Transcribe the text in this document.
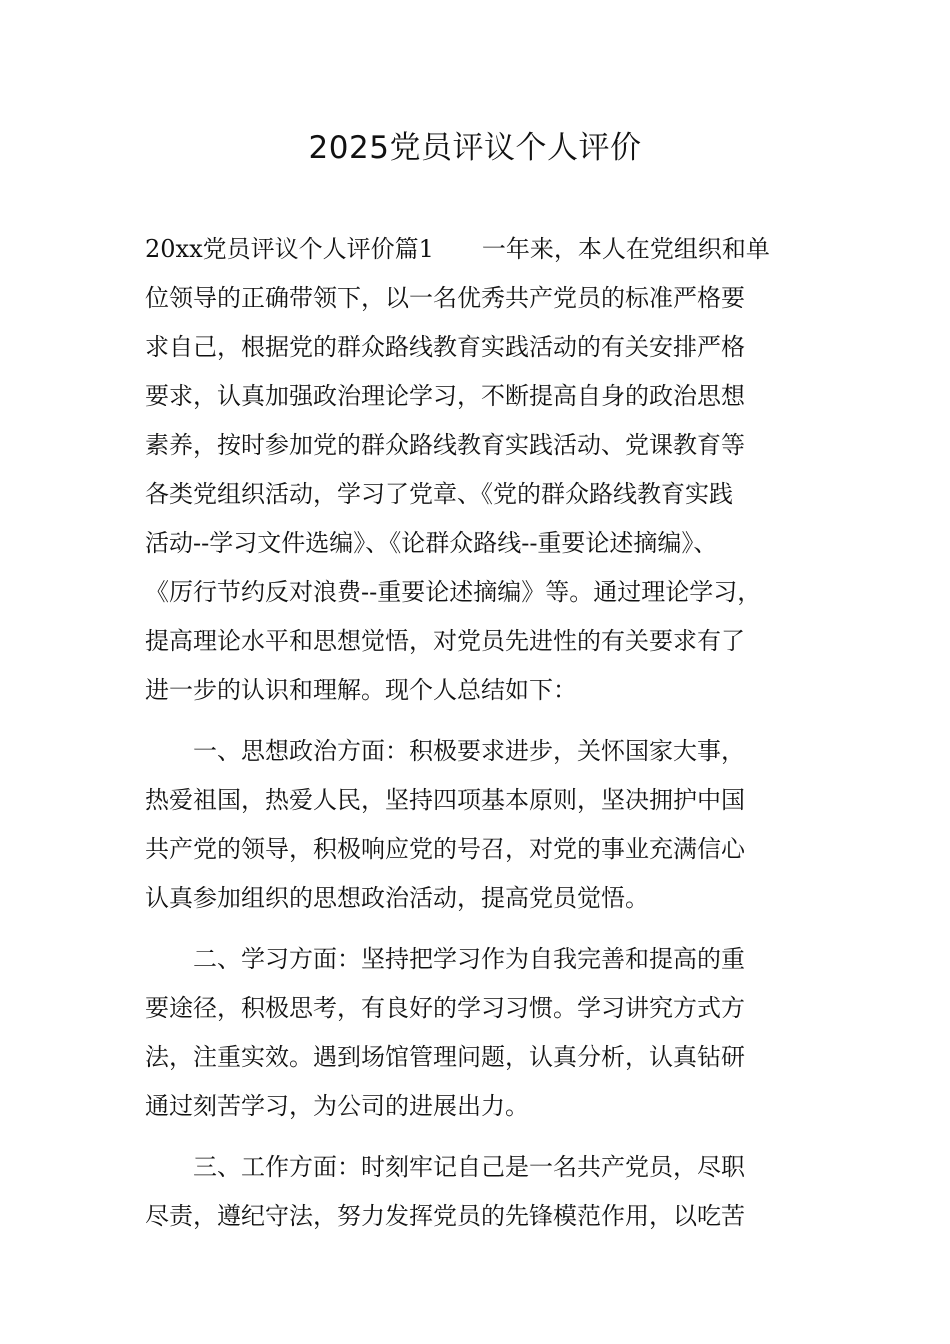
2025党员评议个人评价
20xx党员评议个人评价篇1　　一年来，本人在党组织和单
位领导的正确带领下，以一名优秀共产党员的标准严格要
求自己，根据党的群众路线教育实践活动的有关安排严格
要求，认真加强政治理论学习，不断提高自身的政治思想
素养，按时参加党的群众路线教育实践活动、党课教育等
各类党组织活动，学习了党章、《党的群众路线教育实践
活动--学习文件选编》、《论群众路线--重要论述摘编》、
《厉行节约反对浪费--重要论述摘编》等。通过理论学习，
提高理论水平和思想觉悟，对党员先进性的有关要求有了
进一步的认识和理解。现个人总结如下：
一、思想政治方面：积极要求进步，关怀国家大事，
热爱祖国，热爱人民，坚持四项基本原则，坚决拥护中国
共产党的领导，积极响应党的号召，对党的事业充满信心
认真参加组织的思想政治活动，提高党员觉悟。
二、学习方面：坚持把学习作为自我完善和提高的重
要途径，积极思考，有良好的学习习惯。学习讲究方式方
法，注重实效。遇到场馆管理问题，认真分析，认真钻研
通过刻苦学习，为公司的进展出力。
三、工作方面：时刻牢记自己是一名共产党员，尽职
尽责，遵纪守法，努力发挥党员的先锋模范作用，以吃苦
